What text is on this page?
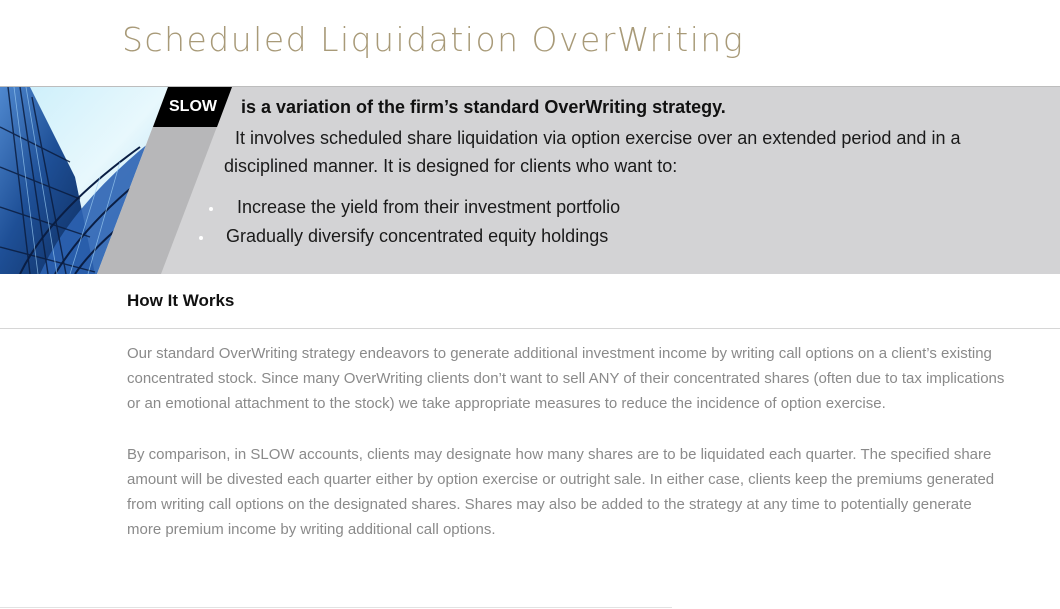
Scheduled Liquidation OverWriting
SLOW	is a variation of the firm’s standard OverWriting strategy.

It involves scheduled share liquidation via option exercise over an extended period and in a disciplined manner. It is designed for clients who want to:

Increase the yield from their investment portfolio
Gradually diversify concentrated equity holdings
How It Works

Our standard OverWriting strategy endeavors to generate additional investment income by writing call options on a client’s existing concentrated stock. Since many OverWriting clients don’t want to sell ANY of their concentrated shares (often due to tax implications or an emotional attachment to the stock) we take appropriate measures to reduce the incidence of option exercise.

By comparison, in SLOW accounts, clients may designate how many shares are to be liquidated each quarter. The specified share amount will be divested each quarter either by option exercise or outright sale. In either case, clients keep the premiums generated from writing call options on the designated shares. Shares may also be added to the strategy at any time to potentially generate more premium income by writing additional call options.
